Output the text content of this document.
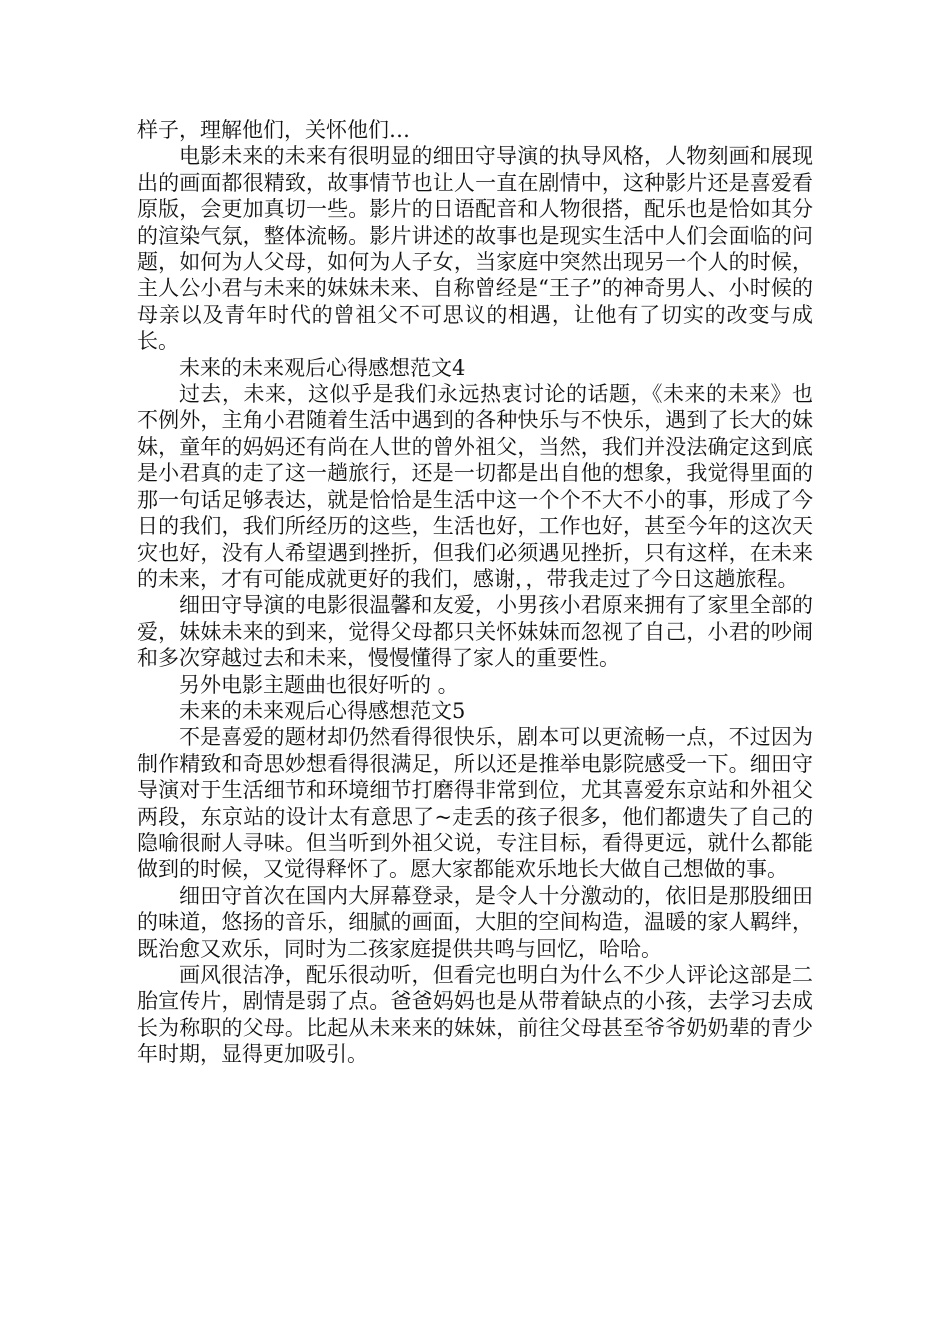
样子，理解他们，关怀他们…

电影未来的未来有很明显的细田守导演的执导风格，人物刻画和展现出的画面都很精致，故事情节也让人一直在剧情中，这种影片还是喜爱看原版，会更加真切一些。影片的日语配音和人物很搭，配乐也是恰如其分的渲染气氛，整体流畅。影片讲述的故事也是现实生活中人们会面临的问题，如何为人父母，如何为人子女，当家庭中突然出现另一个人的时候，主人公小君与未来的妹妹未来、自称曾经是“王子”的神奇男人、小时候的母亲以及青年时代的曾祖父不可思议的相遇，让他有了切实的改变与成长。

未来的未来观后心得感想范文4

过去，未来，这似乎是我们永远热衷讨论的话题，《未来的未来》也不例外，主角小君随着生活中遇到的各种快乐与不快乐，遇到了长大的妹妹，童年的妈妈还有尚在人世的曾外祖父，当然，我们并没法确定这到底是小君真的走了这一趟旅行，还是一切都是出自他的想象，我觉得里面的那一句话足够表达，就是恰恰是生活中这一个个不大不小的事，形成了今日的我们，我们所经历的这些，生活也好，工作也好，甚至今年的这次天灾也好，没有人希望遇到挫折，但我们必须遇见挫折，只有这样，在未来的未来，才有可能成就更好的我们，感谢，，带我走过了今日这趟旅程。

细田守导演的电影很温馨和友爱，小男孩小君原来拥有了家里全部的爱，妹妹未来的到来，觉得父母都只关怀妹妹而忽视了自己，小君的吵闹和多次穿越过去和未来，慢慢懂得了家人的重要性。

另外电影主题曲也很好听的 。

未来的未来观后心得感想范文5

不是喜爱的题材却仍然看得很快乐，剧本可以更流畅一点，不过因为制作精致和奇思妙想看得很满足，所以还是推举电影院感受一下。细田守导演对于生活细节和环境细节打磨得非常到位，尤其喜爱东京站和外祖父两段，东京站的设计太有意思了~走丢的孩子很多，他们都遗失了自己的隐喻很耐人寻味。但当听到外祖父说，专注目标，看得更远，就什么都能做到的时候，又觉得释怀了。愿大家都能欢乐地长大做自己想做的事。

细田守首次在国内大屏幕登录，是令人十分激动的，依旧是那股细田的味道，悠扬的音乐，细腻的画面，大胆的空间构造，温暖的家人羁绊，既治愈又欢乐，同时为二孩家庭提供共鸣与回忆，哈哈。

画风很洁净，配乐很动听，但看完也明白为什么不少人评论这部是二胎宣传片，剧情是弱了点。爸爸妈妈也是从带着缺点的小孩，去学习去成长为称职的父母。比起从未来来的妹妹，前往父母甚至爷爷奶奶辈的青少年时期，显得更加吸引。
